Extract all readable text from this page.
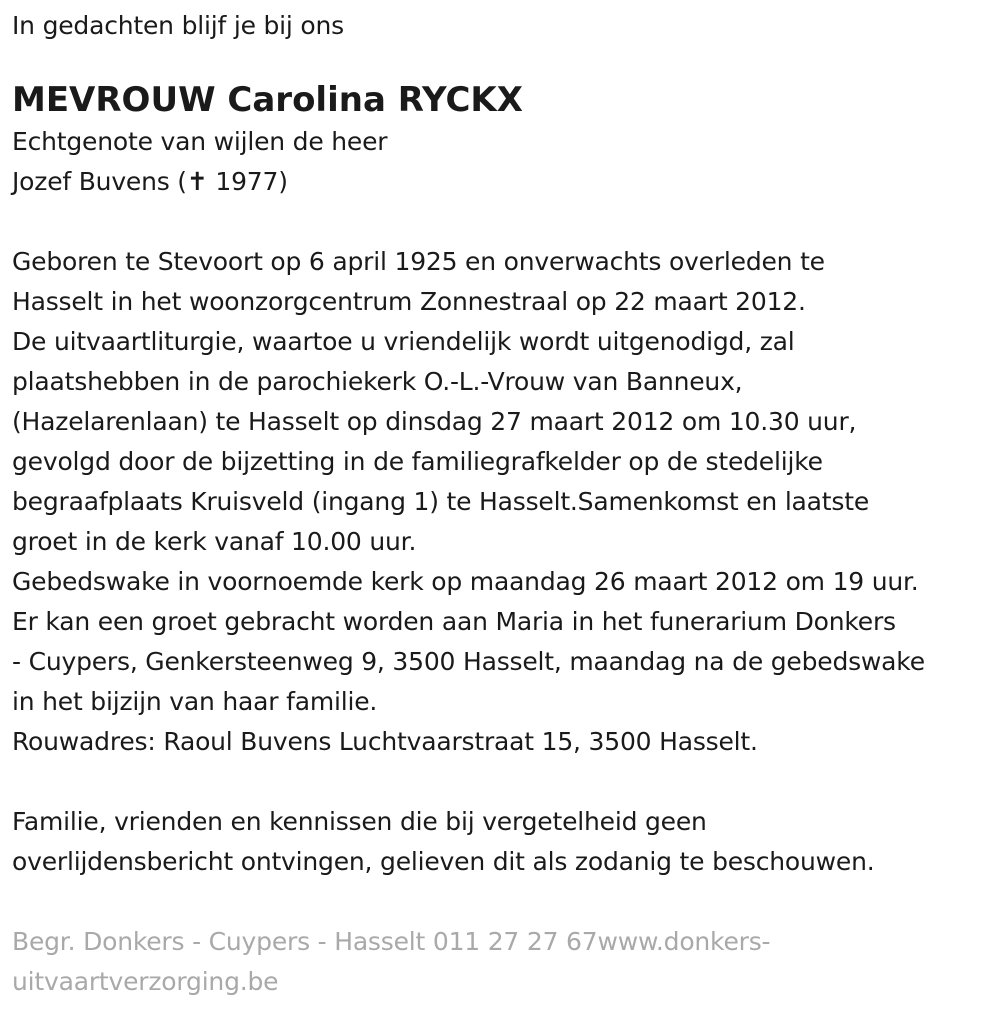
In gedachten blijf je bij ons
MEVROUW Carolina RYCKX
Echtgenote van wijlen de heer
Jozef Buvens (✝ 1977)
Geboren te Stevoort op 6 april 1925 en onverwachts overleden te
Hasselt in het woonzorgcentrum Zonnestraal op 22 maart 2012.
De uitvaartliturgie, waartoe u vriendelijk wordt uitgenodigd, zal
plaatshebben in de parochiekerk O.-L.-Vrouw van Banneux,
(Hazelarenlaan) te Hasselt op dinsdag 27 maart 2012 om 10.30 uur,
gevolgd door de bijzetting in de familiegrafkelder op de stedelijke
begraafplaats Kruisveld (ingang 1) te Hasselt.Samenkomst en laatste
groet in de kerk vanaf 10.00 uur.
Gebedswake in voornoemde kerk op maandag 26 maart 2012 om 19 uur.
Er kan een groet gebracht worden aan Maria in het funerarium Donkers
- Cuypers, Genkersteenweg 9, 3500 Hasselt, maandag na de gebedswake
in het bijzijn van haar familie.
Rouwadres: Raoul Buvens Luchtvaarstraat 15, 3500 Hasselt.
Familie, vrienden en kennissen die bij vergetelheid geen
overlijdensbericht ontvingen, gelieven dit als zodanig te beschouwen.
Begr. Donkers - Cuypers - Hasselt 011 27 27 67www.donkers-
uitvaartverzorging.be
